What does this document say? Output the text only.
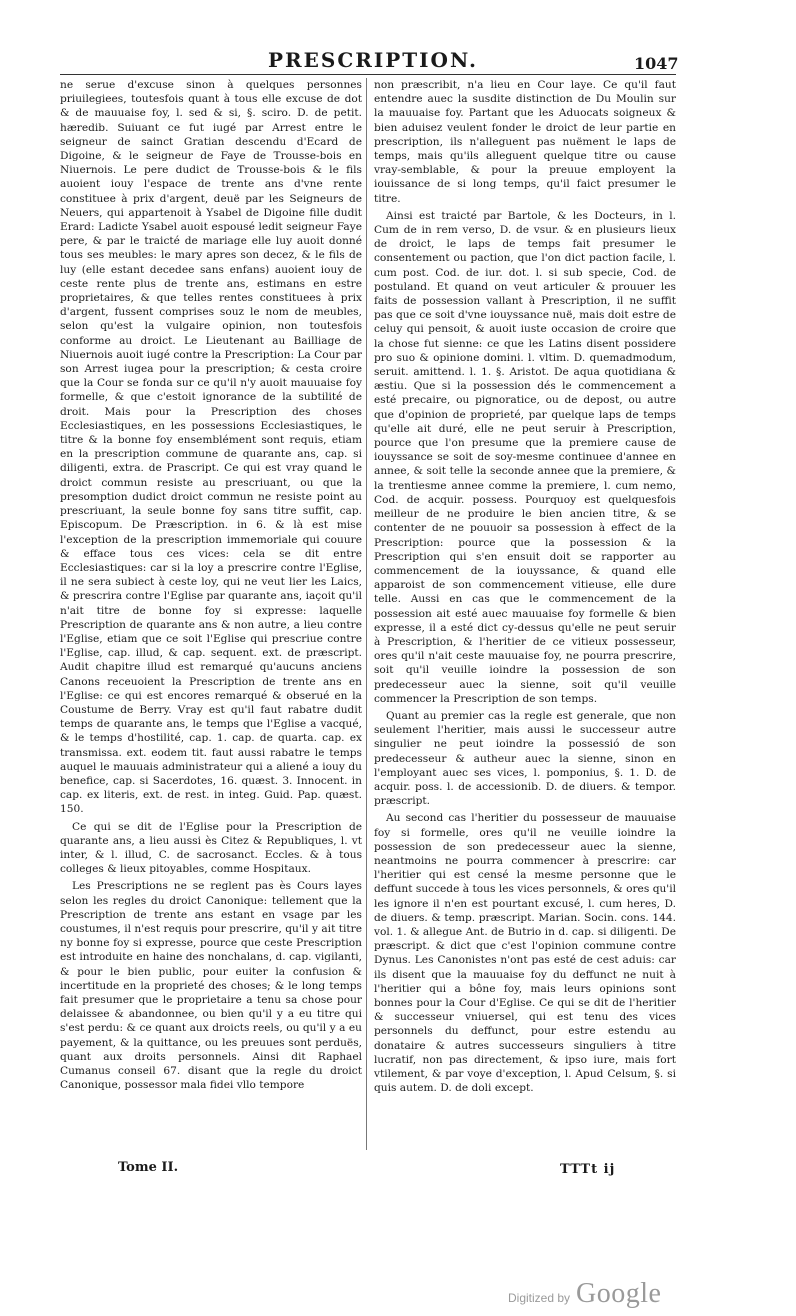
PRESCRIPTION.	1047

ne serue d'excuse sinon à quelques personnes priuilegiees, toutesfois quant à tous elle excuse de dot & de mauuaise foy, l. sed & si, §. sciro. D. de petit. hæredib. Suiuant ce fut iugé par Arrest entre le seigneur de sainct Gratian descendu d'Ecard de Digoine, & le seigneur de Faye de Trousse-bois en Niuernois. Le pere dudict de Trousse-bois & le fils auoient iouy l'espace de trente ans d'vne rente constituee à prix d'argent, deuë par les Seigneurs de Neuers, qui appartenoit à Ysabel de Digoine fille dudit Erard: Ladicte Ysabel auoit espousé ledit seigneur Faye pere, & par le traicté de mariage elle luy auoit donné tous ses meubles: le mary apres son decez, & le fils de luy (elle estant decedee sans enfans) auoient iouy de ceste rente plus de trente ans, estimans en estre proprietaires, & que telles rentes constituees à prix d'argent, fussent comprises souz le nom de meubles, selon qu'est la vulgaire opinion, non toutesfois conforme au droict. Le Lieutenant au Bailliage de Niuernois auoit iugé contre la Prescription: La Cour par son Arrest iugea pour la prescription; & cesta croire que la Cour se fonda sur ce qu'il n'y auoit mauuaise foy formelle, & que c'estoit ignorance de la subtilité de droit. Mais pour la Prescription des choses Ecclesiastiques, en les possessions Ecclesiastiques, le titre & la bonne foy ensemblément sont requis, etiam en la prescription commune de quarante ans, cap. si diligenti, extra. de Prascript. Ce qui est vray quand le droict commun resiste au prescriuant, ou que la presomption dudict droict commun ne resiste point au prescriuant, la seule bonne foy sans titre suffit, cap. Episcopum. De Præscription. in 6. & là est mise l'exception de la prescription immemoriale qui couure & efface tous ces vices: cela se dit entre Ecclesiastiques: car si la loy a prescrire contre l'Eglise, il ne sera subiect à ceste loy, qui ne veut lier les Laics, & prescrira contre l'Eglise par quarante ans, iaçoit qu'il n'ait titre de bonne foy si expresse: laquelle Prescription de quarante ans & non autre, a lieu contre l'Eglise, etiam que ce soit l'Eglise qui prescriue contre l'Eglise, cap. illud, & cap. sequent. ext. de præscript. Audit chapitre illud est remarqué qu'aucuns anciens Canons receuoient la Prescription de trente ans en l'Eglise: ce qui est encores remarqué & obserué en la Coustume de Berry. Vray est qu'il faut rabatre dudit temps de quarante ans, le temps que l'Eglise a vacqué, & le temps d'hostilité, cap. 1. cap. de quarta. cap. ex transmissa. ext. eodem tit. faut aussi rabatre le temps auquel le mauuais administrateur qui a aliené a iouy du benefice, cap. si Sacerdotes, 16. quæst. 3. Innocent. in cap. ex literis, ext. de rest. in integ. Guid. Pap. quæst. 150.

Ce qui se dit de l'Eglise pour la Prescription de quarante ans, a lieu aussi ès Citez & Republiques, l. vt inter, & l. illud, C. de sacrosanct. Eccles. & à tous colleges & lieux pitoyables, comme Hospitaux.

Les Prescriptions ne se reglent pas ès Cours layes selon les regles du droict Canonique: tellement que la Prescription de trente ans estant en vsage par les coustumes, il n'est requis pour prescrire, qu'il y ait titre ny bonne foy si expresse, pource que ceste Prescription est introduite en haine des nonchalans, d. cap. vigilanti, & pour le bien public, pour euiter la confusion & incertitude en la proprieté des choses; & le long temps fait presumer que le proprietaire a tenu sa chose pour delaissee & abandonnee, ou bien qu'il y a eu titre qui s'est perdu: & ce quant aux droicts reels, ou qu'il y a eu payement, & la quittance, ou les preuues sont perduës, quant aux droits personnels. Ainsi dit Raphael Cumanus conseil 67. disant que la regle du droict Canonique, possessor mala fidei vllo tempore

non præscribit, n'a lieu en Cour laye. Ce qu'il faut entendre auec la susdite distinction de Du Moulin sur la mauuaise foy. Partant que les Aduocats soigneux & bien aduisez veulent fonder le droict de leur partie en prescription, ils n'alleguent pas nuëment le laps de temps, mais qu'ils alleguent quelque titre ou cause vray-semblable, & pour la preuue employent la iouissance de si long temps, qu'il faict presumer le titre.

Ainsi est traicté par Bartole, & les Docteurs, in l. Cum de in rem verso, D. de vsur. & en plusieurs lieux de droict, le laps de temps fait presumer le consentement ou paction, que l'on dict paction facile, l. cum post. Cod. de iur. dot. l. si sub specie, Cod. de postuland. Et quand on veut articuler & prouuer les faits de possession vallant à Prescription, il ne suffit pas que ce soit d'vne iouyssance nuë, mais doit estre de celuy qui pensoit, & auoit iuste occasion de croire que la chose fut sienne: ce que les Latins disent possidere pro suo & opinione domini. l. vltim. D. quemadmodum, seruit. amittend. l. 1. §. Aristot. De aqua quotidiana & æstiu. Que si la possession dés le commencement a esté precaire, ou pignoratice, ou de depost, ou autre que d'opinion de proprieté, par quelque laps de temps qu'elle ait duré, elle ne peut seruir à Prescription, pource que l'on presume que la premiere cause de iouyssance se soit de soy-mesme continuee d'annee en annee, & soit telle la seconde annee que la premiere, & la trentiesme annee comme la premiere, l. cum nemo, Cod. de acquir. possess. Pourquoy est quelquesfois meilleur de ne produire le bien ancien titre, & se contenter de ne pouuoir sa possession à effect de la Prescription: pource que la possession & la Prescription qui s'en ensuit doit se rapporter au commencement de la iouyssance, & quand elle apparoist de son commencement vitieuse, elle dure telle. Aussi en cas que le commencement de la possession ait esté auec mauuaise foy formelle & bien expresse, il a esté dict cy-dessus qu'elle ne peut seruir à Prescription, & l'heritier de ce vitieux possesseur, ores qu'il n'ait ceste mauuaise foy, ne pourra prescrire, soit qu'il veuille ioindre la possession de son predecesseur auec la sienne, soit qu'il veuille commencer la Prescription de son temps.

Quant au premier cas la regle est generale, que non seulement l'heritier, mais aussi le successeur autre singulier ne peut ioindre la possessió de son predecesseur & autheur auec la sienne, sinon en l'employant auec ses vices, l. pomponius, §. 1. D. de acquir. poss. l. de accessionib. D. de diuers. & tempor. præscript.

Au second cas l'heritier du possesseur de mauuaise foy si formelle, ores qu'il ne veuille ioindre la possession de son predecesseur auec la sienne, neantmoins ne pourra commencer à prescrire: car l'heritier qui est censé la mesme personne que le deffunt succede à tous les vices personnels, & ores qu'il les ignore il n'en est pourtant excusé, l. cum heres, D. de diuers. & temp. præscript. Marian. Socin. cons. 144. vol. 1. & allegue Ant. de Butrio in d. cap. si diligenti. De præscript. & dict que c'est l'opinion commune contre Dynus. Les Canonistes n'ont pas esté de cest aduis: car ils disent que la mauuaise foy du deffunct ne nuit à l'heritier qui a bône foy, mais leurs opinions sont bonnes pour la Cour d'Eglise. Ce qui se dit de l'heritier & successeur vniuersel, qui est tenu des vices personnels du deffunct, pour estre estendu au donataire & autres successeurs singuliers à titre lucratif, non pas directement, & ipso iure, mais fort vtilement, & par voye d'exception, l. Apud Celsum, §. si quis autem. D. de doli except.

Tome II.	TTTt ij
Digitized by Google
